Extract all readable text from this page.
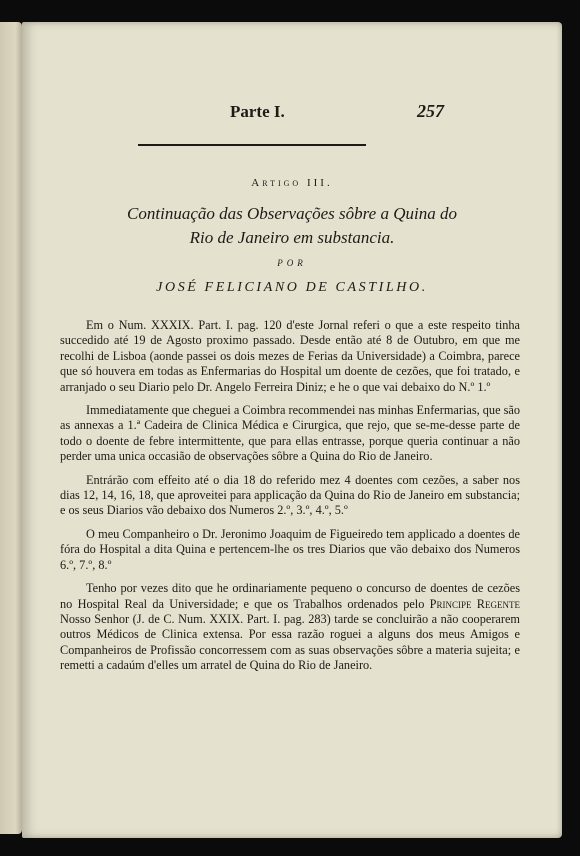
Parte I.	257
Artigo III.
Continuação das Observações sôbre a Quina do
Rio de Janeiro em substancia.
POR
JOSÉ FELICIANO DE CASTILHO.

Em o Num. XXXIX. Part. I. pag. 120 d'este Jornal referi o que a este respeito tinha succedido até 19 de Agosto proximo passado. Desde então até 8 de Outubro, em que me recolhi de Lisboa (aonde passei os dois mezes de Ferias da Universidade) a Coimbra, parece que só houvera em todas as Enfermarias do Hospital um doente de cezões, que foi tratado, e arranjado o seu Diario pelo Dr. Angelo Ferreira Diniz; e he o que vai debaixo do N.º 1.º

Immediatamente que cheguei a Coimbra recommendei nas minhas Enfermarias, que são as annexas a 1.ª Cadeira de Clinica Médica e Cirurgica, que rejo, que se-me-desse parte de todo o doente de febre intermittente, que para ellas entrasse, porque queria continuar a não perder uma unica occasião de observações sôbre a Quina do Rio de Janeiro.

Entrárão com effeito até o dia 18 do referido mez 4 doentes com cezões, a saber nos dias 12, 14, 16, 18, que aproveitei para applicação da Quina do Rio de Janeiro em substancia; e os seus Diarios vão debaixo dos Numeros 2.º, 3.º, 4.º, 5.º

O meu Companheiro o Dr. Jeronimo Joaquim de Figueiredo tem applicado a doentes de fóra do Hospital a dita Quina e pertencem-lhe os tres Diarios que vão debaixo dos Numeros 6.º, 7.º, 8.º

Tenho por vezes dito que he ordinariamente pequeno o concurso de doentes de cezões no Hospital Real da Universidade; e que os Trabalhos ordenados pelo Principe Regente Nosso Senhor (J. de C. Num. XXIX. Part. I. pag. 283) tarde se concluirão a não cooperarem outros Médicos de Clinica extensa. Por essa razão roguei a alguns dos meus Amigos e Companheiros de Profissão concorressem com as suas observações sôbre a materia sujeita; e remetti a cadaúm d'elles um arratel de Quina do Rio de Janeiro.
